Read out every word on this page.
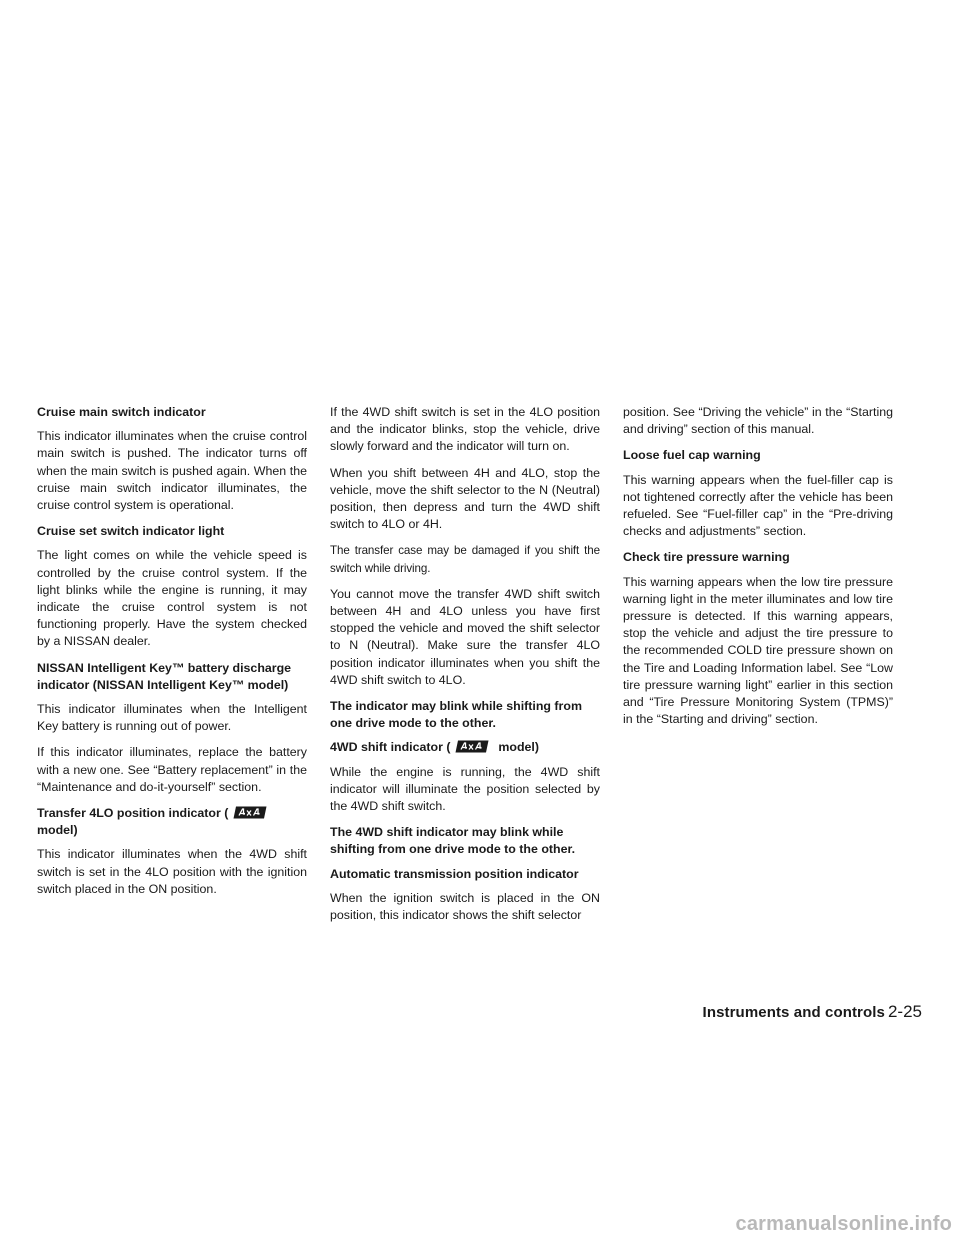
Cruise main switch indicator
This indicator illuminates when the cruise control main switch is pushed. The indicator turns off when the main switch is pushed again. When the cruise main switch indicator illuminates, the cruise control system is operational.
Cruise set switch indicator light
The light comes on while the vehicle speed is controlled by the cruise control system. If the light blinks while the engine is running, it may indicate the cruise control system is not functioning properly. Have the system checked by a NISSAN dealer.
NISSAN Intelligent Key™ battery discharge indicator (NISSAN Intelligent Key™ model)
This indicator illuminates when the Intelligent Key battery is running out of power.
If this indicator illuminates, replace the battery with a new one. See “Battery replacement” in the “Maintenance and do-it-yourself” section.
Transfer 4LO position indicator (
model)
This indicator illuminates when the 4WD shift switch is set in the 4LO position with the ignition switch placed in the ON position.
If the 4WD shift switch is set in the 4LO position and the indicator blinks, stop the vehicle, drive slowly forward and the indicator will turn on.
When you shift between 4H and 4LO, stop the vehicle, move the shift selector to the N (Neutral) position, then depress and turn the 4WD shift switch to 4LO or 4H.
The transfer case may be damaged if you shift the switch while driving.
You cannot move the transfer 4WD shift switch between 4H and 4LO unless you have first stopped the vehicle and moved the shift selector to N (Neutral). Make sure the transfer 4LO position indicator illuminates when you shift the 4WD shift switch to 4LO.
The indicator may blink while shifting from one drive mode to the other.
4WD shift indicator (	model)
While the engine is running, the 4WD shift indicator will illuminate the position selected by the 4WD shift switch.
The 4WD shift indicator may blink while shifting from one drive mode to the other.
Automatic transmission position indicator
When the ignition switch is placed in the ON position, this indicator shows the shift selector
position. See “Driving the vehicle” in the “Starting and driving” section of this manual.
Loose fuel cap warning
This warning appears when the fuel-filler cap is not tightened correctly after the vehicle has been refueled. See “Fuel-filler cap” in the “Pre-driving checks and adjustments” section.
Check tire pressure warning
This warning appears when the low tire pressure warning light in the meter illuminates and low tire pressure is detected. If this warning appears, stop the vehicle and adjust the tire pressure to the recommended COLD tire pressure shown on the Tire and Loading Information label. See “Low tire pressure warning light” earlier in this section and “Tire Pressure Monitoring System (TPMS)” in the “Starting and driving” section.
Instruments and controls 2-25
carmanualsonline.info
